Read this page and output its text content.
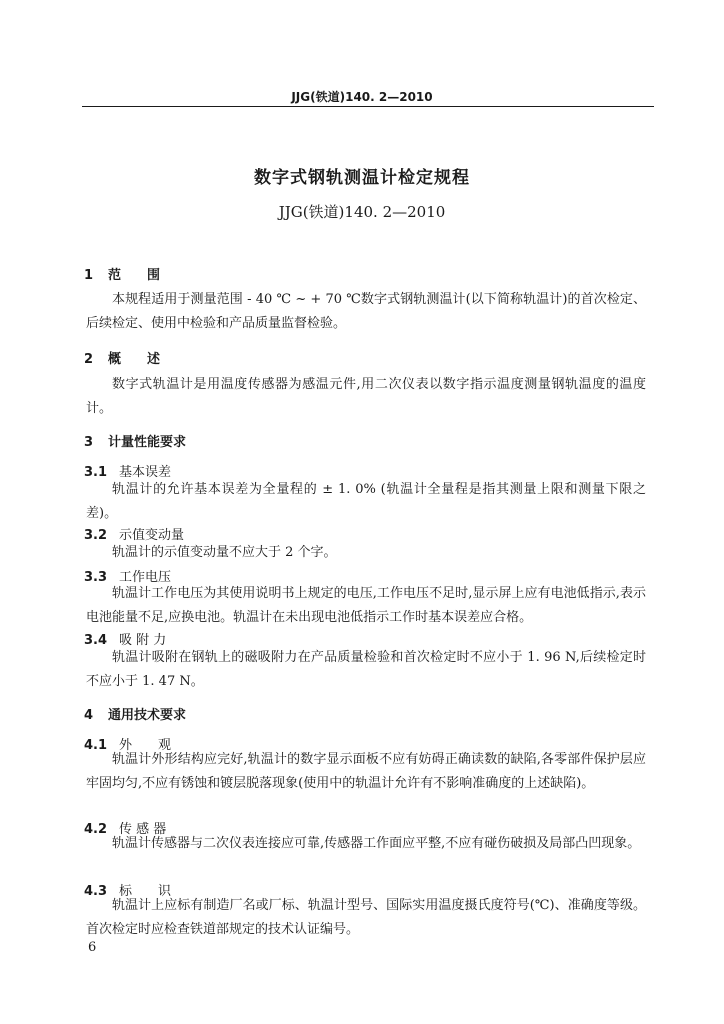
JJG(铁道)140. 2—2010
数字式钢轨测温计检定规程
JJG(铁道)140. 2—2010
1 范　　围
本规程适用于测量范围 - 40 ℃ ~ + 70 ℃数字式钢轨测温计(以下简称轨温计)的首次检定、后续检定、使用中检验和产品质量监督检验。
2 概　　述
数字式轨温计是用温度传感器为感温元件,用二次仪表以数字指示温度测量钢轨温度的温度计。
3 计量性能要求
3.1 基本误差
轨温计的允许基本误差为全量程的 ± 1. 0% (轨温计全量程是指其测量上限和测量下限之差)。
3.2 示值变动量
轨温计的示值变动量不应大于 2 个字。
3.3 工作电压
轨温计工作电压为其使用说明书上规定的电压,工作电压不足时,显示屏上应有电池低指示,表示电池能量不足,应换电池。轨温计在未出现电池低指示工作时基本误差应合格。
3.4 吸 附 力
轨温计吸附在钢轨上的磁吸附力在产品质量检验和首次检定时不应小于 1. 96 N,后续检定时不应小于 1. 47 N。
4 通用技术要求
4.1 外　　观
轨温计外形结构应完好,轨温计的数字显示面板不应有妨碍正确读数的缺陷,各零部件保护层应牢固均匀,不应有锈蚀和镀层脱落现象(使用中的轨温计允许有不影响准确度的上述缺陷)。
4.2 传 感 器
轨温计传感器与二次仪表连接应可靠,传感器工作面应平整,不应有碰伤破损及局部凸凹现象。
4.3 标　　识
轨温计上应标有制造厂名或厂标、轨温计型号、国际实用温度摄氏度符号(℃)、准确度等级。首次检定时应检查铁道部规定的技术认证编号。
6
